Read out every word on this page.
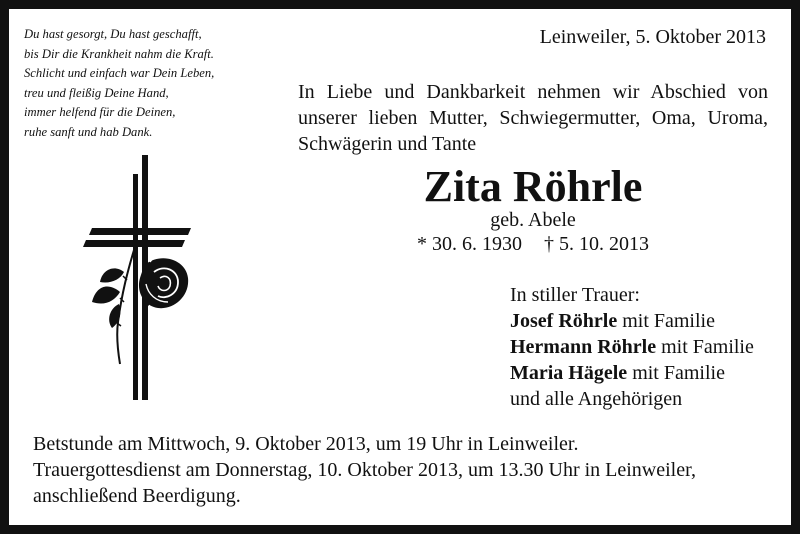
Du hast gesorgt, Du hast geschafft,
bis Dir die Krankheit nahm die Kraft.
Schlicht und einfach war Dein Leben,
treu und fleißig Deine Hand,
immer helfend für die Deinen,
ruhe sanft und hab Dank.
Leinweiler, 5. Oktober 2013
In Liebe und Dankbarkeit nehmen wir Abschied von
unserer lieben Mutter, Schwiegermutter, Oma, Uroma,
Schwägerin und Tante
Zita Röhrle
geb. Abele
* 30. 6. 1930 † 5. 10. 2013
In stiller Trauer:
Josef Röhrle mit Familie
Hermann Röhrle mit Familie
Maria Hägele mit Familie
und alle Angehörigen
Betstunde am Mittwoch, 9. Oktober 2013, um 19 Uhr in Leinweiler.
Trauergottesdienst am Donnerstag, 10. Oktober 2013, um 13.30 Uhr in Leinweiler,
anschließend Beerdigung.
